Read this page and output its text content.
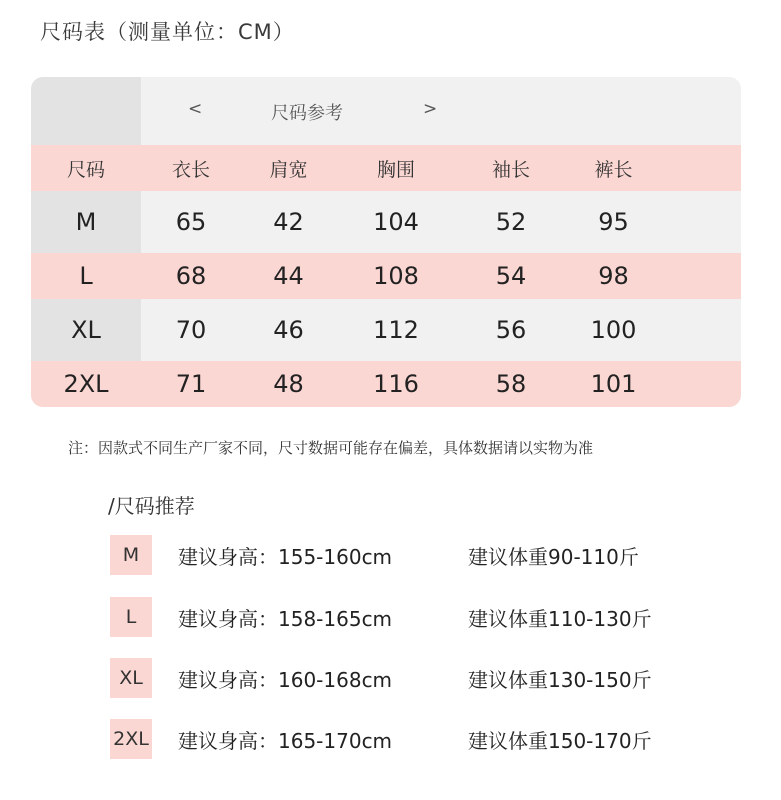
尺码表（测量单位：CM）
<	尺码参考	>
尺码	衣长	肩宽	胸围	袖长	裤长
M	65	42	104	52	95
L	68	44	108	54	98
XL	70	46	112	56	100
2XL	71	48	116	58	101
注：因款式不同生产厂家不同，尺寸数据可能存在偏差，具体数据请以实物为准
/尺码推荐
M	建议身高：155-160cm	建议体重90-110斤
L	建议身高：158-165cm	建议体重110-130斤
XL	建议身高：160-168cm	建议体重130-150斤
2XL 建议身高：165-170cm	建议体重150-170斤
